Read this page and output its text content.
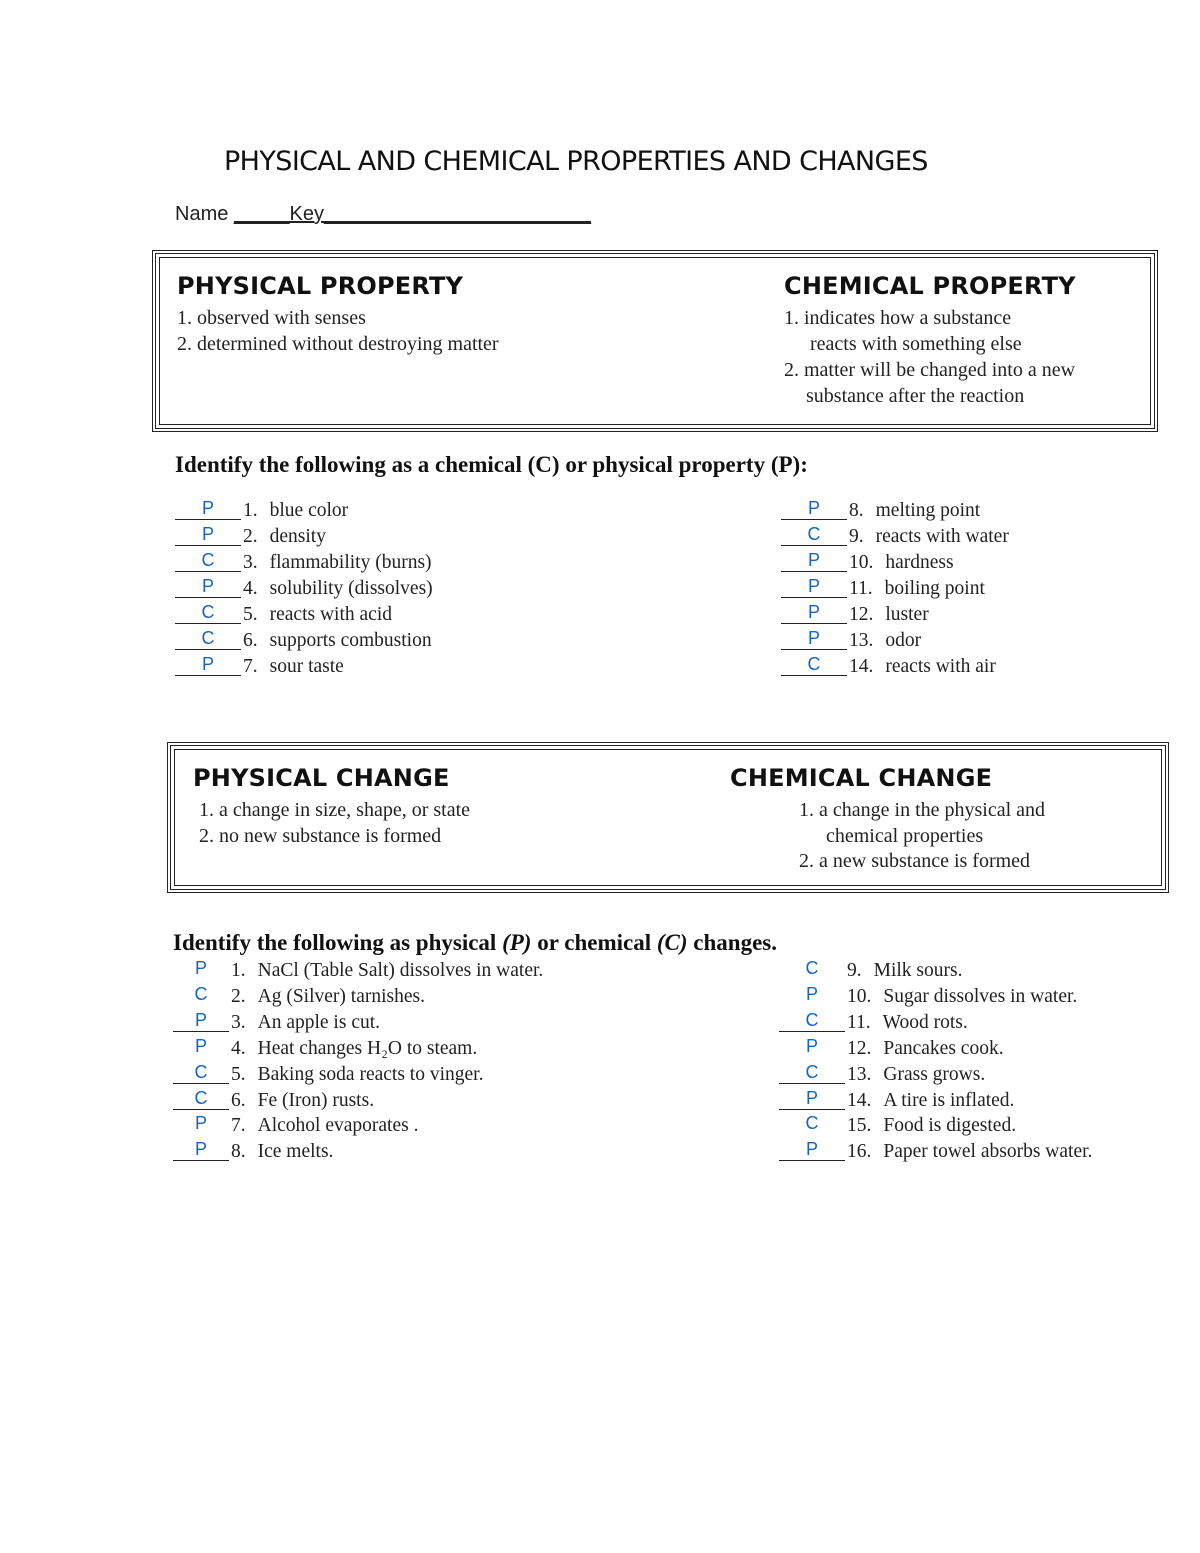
PHYSICAL AND CHEMICAL PROPERTIES AND CHANGES
Name _____Key________________________
PHYSICAL PROPERTY
1. observed with senses
2. determined without destroying matter
CHEMICAL PROPERTY
1. indicates how a substance
reacts with something else
2. matter will be changed into a new
substance after the reaction
Identify the following as a chemical (C) or physical property (P):
P 1. blue color
P 2. density
C 3. flammability (burns)
P 4. solubility (dissolves)
C 5. reacts with acid
C 6. supports combustion
P 7. sour taste
P 8. melting point
C 9. reacts with water
P 10. hardness
P 11. boiling point
P 12. luster
P 13. odor
C 14. reacts with air
PHYSICAL CHANGE
1. a change in size, shape, or state
2. no new substance is formed
CHEMICAL CHANGE
1. a change in the physical and
chemical properties
2. a new substance is formed
Identify the following as physical (P) or chemical (C) changes.
P 1. NaCl (Table Salt) dissolves in water.
C 2. Ag (Silver) tarnishes.
P 3. An apple is cut.
P 4. Heat changes H₂O to steam.
C 5. Baking soda reacts to vinger.
C 6. Fe (Iron) rusts.
P 7. Alcohol evaporates .
P 8. Ice melts.
C 9. Milk sours.
P 10. Sugar dissolves in water.
C 11. Wood rots.
P 12. Pancakes cook.
C 13. Grass grows.
P 14. A tire is inflated.
C 15. Food is digested.
P 16. Paper towel absorbs water.
